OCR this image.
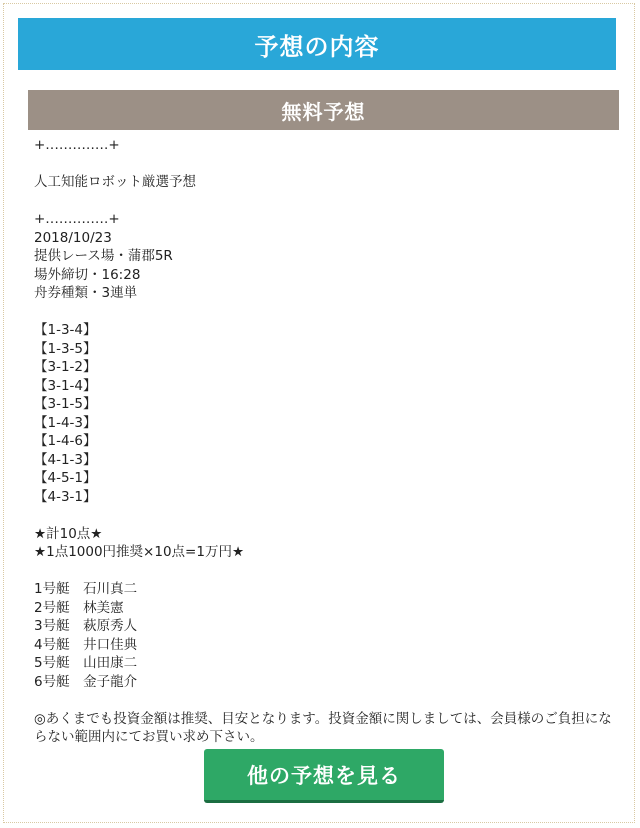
予想の内容
無料予想
+‥‥‥‥‥‥‥+

人工知能ロボット厳選予想

+‥‥‥‥‥‥‥+
2018/10/23
提供レース場・蒲郡5R
場外締切・16:28
舟券種類・3連単

【1-3-4】
【1-3-5】
【3-1-2】
【3-1-4】
【3-1-5】
【1-4-3】
【1-4-6】
【4-1-3】
【4-5-1】
【4-3-1】

★計10点★
★1点1000円推奨×10点=1万円★

1号艇　石川真二
2号艇　林美憲
3号艇　萩原秀人
4号艇　井口佳典
5号艇　山田康二
6号艇　金子龍介

◎あくまでも投資金額は推奨、目安となります。投資金額に関しましては、会員様のご負担にならない範囲内にてお買い求め下さい。
他の予想を見る
